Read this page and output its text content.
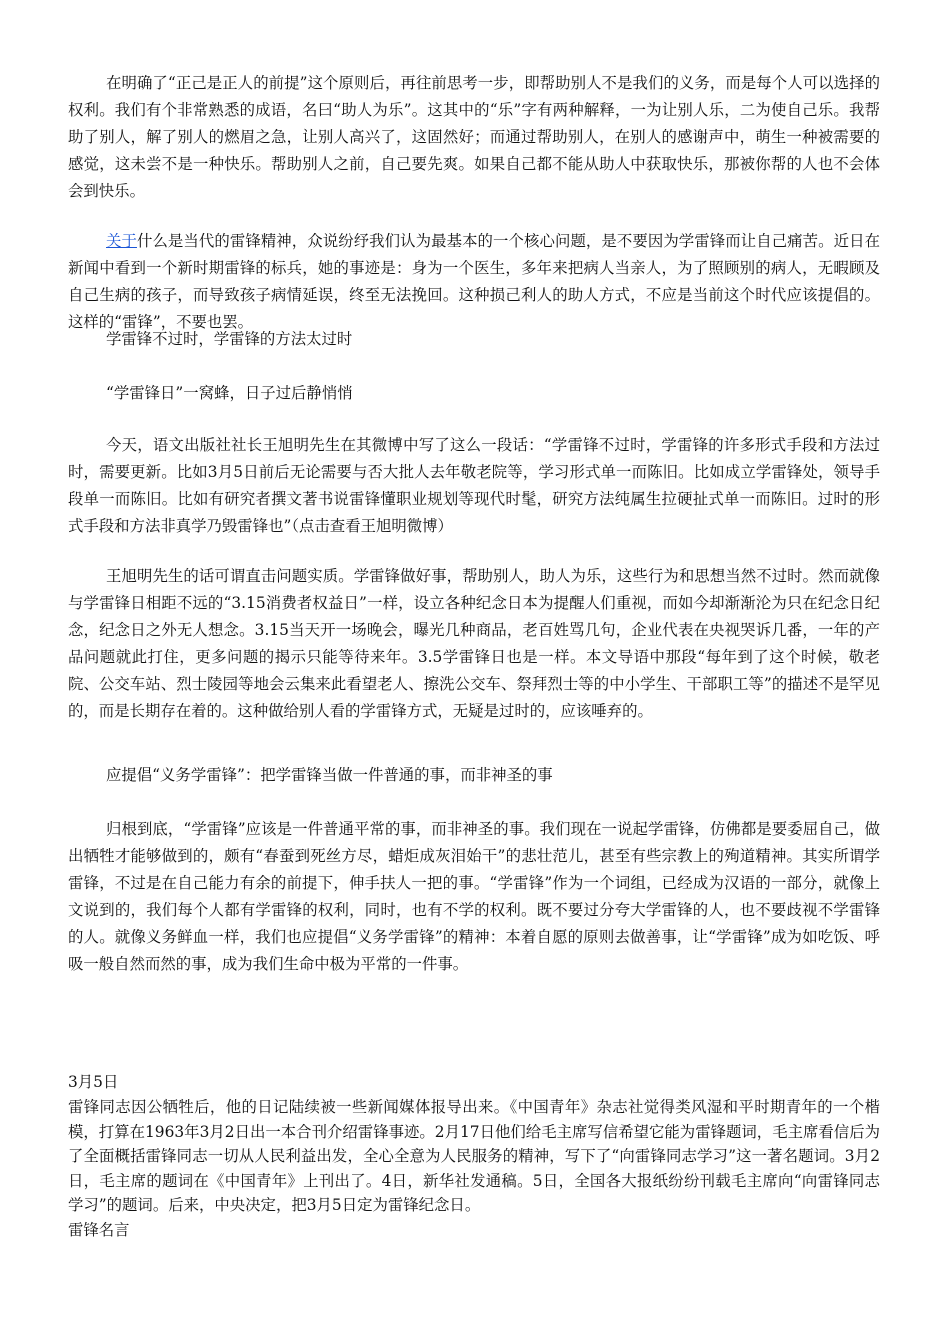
在明确了“正己是正人的前提”这个原则后，再往前思考一步，即帮助别人不是我们的义务，而是每个人可以选择的权利。我们有个非常熟悉的成语，名曰“助人为乐”。这其中的“乐”字有两种解释，一为让别人乐，二为使自己乐。我帮助了别人，解了别人的燃眉之急，让别人高兴了，这固然好；而通过帮助别人，在别人的感谢声中，萌生一种被需要的感觉，这未尝不是一种快乐。帮助别人之前，自己要先爽。如果自己都不能从助人中获取快乐，那被你帮的人也不会体会到快乐。

关于什么是当代的雷锋精神，众说纷纾我们认为最基本的一个核心问题，是不要因为学雷锋而让自己痛苦。近日在新闻中看到一个新时期雷锋的标兵，她的事迹是：身为一个医生，多年来把病人当亲人，为了照顾别的病人，无暇顾及自己生病的孩子，而导致孩子病情延误，终至无法挽回。这种损己利人的助人方式，不应是当前这个时代应该提倡的。这样的“雷锋”，不要也罢。

学雷锋不过时，学雷锋的方法太过时

“学雷锋日”一窝蜂，日子过后静悄悄

今天，语文出版社社长王旭明先生在其微博中写了这么一段话：“学雷锋不过时，学雷锋的许多形式手段和方法过时，需要更新。比如3月5日前后无论需要与否大批人去年敬老院等，学习形式单一而陈旧。比如成立学雷锋处，领导手段单一而陈旧。比如有研究者撰文著书说雷锋懂职业规划等现代时髦，研究方法纯属生拉硬扯式单一而陈旧。过时的形式手段和方法非真学乃毁雷锋也”（点击查看王旭明微博）

王旭明先生的话可谓直击问题实质。学雷锋做好事，帮助别人，助人为乐，这些行为和思想当然不过时。然而就像与学雷锋日相距不远的“3.15消费者权益日”一样，设立各种纪念日本为提醒人们重视，而如今却渐渐沦为只在纪念日纪念，纪念日之外无人想念。3.15当天开一场晚会，曝光几种商品，老百姓骂几句，企业代表在央视哭诉几番，一年的产品问题就此打住，更多问题的揭示只能等待来年。3.5学雷锋日也是一样。本文导语中那段“每年到了这个时候，敬老院、公交车站、烈士陵园等地会云集来此看望老人、擦洗公交车、祭拜烈士等的中小学生、干部职工等”的描述不是罕见的，而是长期存在着的。这种做给别人看的学雷锋方式，无疑是过时的，应该唾弃的。

应提倡“义务学雷锋”：把学雷锋当做一件普通的事，而非神圣的事

归根到底，“学雷锋”应该是一件普通平常的事，而非神圣的事。我们现在一说起学雷锋，仿佛都是要委屈自己，做出牺牲才能够做到的，颇有“春蚕到死丝方尽，蜡炬成灰泪始干”的悲壮范儿，甚至有些宗教上的殉道精神。其实所谓学雷锋，不过是在自己能力有余的前提下，伸手扶人一把的事。“学雷锋”作为一个词组，已经成为汉语的一部分，就像上文说到的，我们每个人都有学雷锋的权利，同时，也有不学的权利。既不要过分夸大学雷锋的人，也不要歧视不学雷锋的人。就像义务鲜血一样，我们也应提倡“义务学雷锋”的精神：本着自愿的原则去做善事，让“学雷锋”成为如吃饭、呼吸一般自然而然的事，成为我们生命中极为平常的一件事。

3月5日

雷锋同志因公牺牲后，他的日记陆续被一些新闻媒体报导出来。《中国青年》杂志社觉得类风湿和平时期青年的一个楷模，打算在1963年3月2日出一本合刊介绍雷锋事迹。2月17日他们给毛主席写信希望它能为雷锋题词，毛主席看信后为了全面概括雷锋同志一切从人民利益出发，全心全意为人民服务的精神，写下了“向雷锋同志学习”这一著名题词。3月2日，毛主席的题词在《中国青年》上刊出了。4日，新华社发通稿。5日，全国各大报纸纷纷刊载毛主席向“向雷锋同志学习”的题词。后来，中央决定，把3月5日定为雷锋纪念日。

雷锋名言
